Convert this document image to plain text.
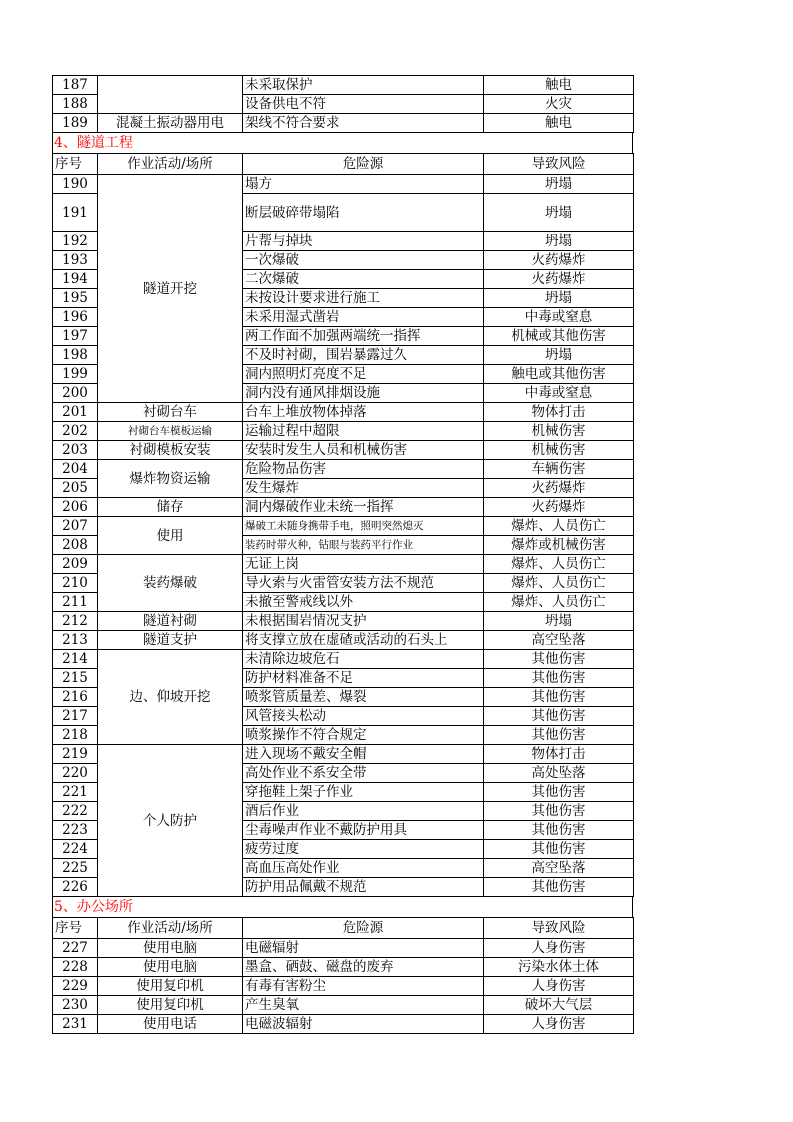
187		未采取保护	触电
188		设备供电不符	火灾
189	混凝土振动器用电	架线不符合要求	触电
4、隧道工程
序号	作业活动/场所	危险源	导致风险
190	隧道开挖	塌方	坍塌
191		断层破碎带塌陷	坍塌
192		片帮与掉块	坍塌
193		一次爆破	火药爆炸
194		二次爆破	火药爆炸
195		未按设计要求进行施工	坍塌
196		未采用湿式凿岩	中毒或窒息
197		两工作面不加强两端统一指挥	机械或其他伤害
198		不及时衬砌，围岩暴露过久	坍塌
199		洞内照明灯亮度不足	触电或其他伤害
200		洞内没有通风排烟设施	中毒或窒息
201	衬砌台车	台车上堆放物体掉落	物体打击
202	衬砌台车模板运输	运输过程中超限	机械伤害
203	衬砌模板安装	安装时发生人员和机械伤害	机械伤害
204	爆炸物资运输	危险物品伤害	车辆伤害
205		发生爆炸	火药爆炸
206	储存	洞内爆破作业未统一指挥	火药爆炸
207	使用	爆破工未随身携带手电，照明突然熄灭	爆炸、人员伤亡
208		装药时带火种，钻眼与装药平行作业	爆炸或机械伤害
209	装药爆破	无证上岗	爆炸、人员伤亡
210		导火索与火雷管安装方法不规范	爆炸、人员伤亡
211		未撤至警戒线以外	爆炸、人员伤亡
212	隧道衬砌	未根据围岩情况支护	坍塌
213	隧道支护	将支撑立放在虚碴或活动的石头上	高空坠落
214	边、仰坡开挖	未清除边坡危石	其他伤害
215		防护材料准备不足	其他伤害
216		喷浆管质量差、爆裂	其他伤害
217		风管接头松动	其他伤害
218		喷浆操作不符合规定	其他伤害
219	个人防护	进入现场不戴安全帽	物体打击
220		高处作业不系安全带	高处坠落
221		穿拖鞋上架子作业	其他伤害
222		酒后作业	其他伤害
223		尘毒噪声作业不戴防护用具	其他伤害
224		疲劳过度	其他伤害
225		高血压高处作业	高空坠落
226		防护用品佩戴不规范	其他伤害
5、办公场所
序号	作业活动/场所	危险源	导致风险
227	使用电脑	电磁辐射	人身伤害
228	使用电脑	墨盒、硒鼓、磁盘的废弃	污染水体土体
229	使用复印机	有毒有害粉尘	人身伤害
230	使用复印机	产生臭氧	破坏大气层
231	使用电话	电磁波辐射	人身伤害
